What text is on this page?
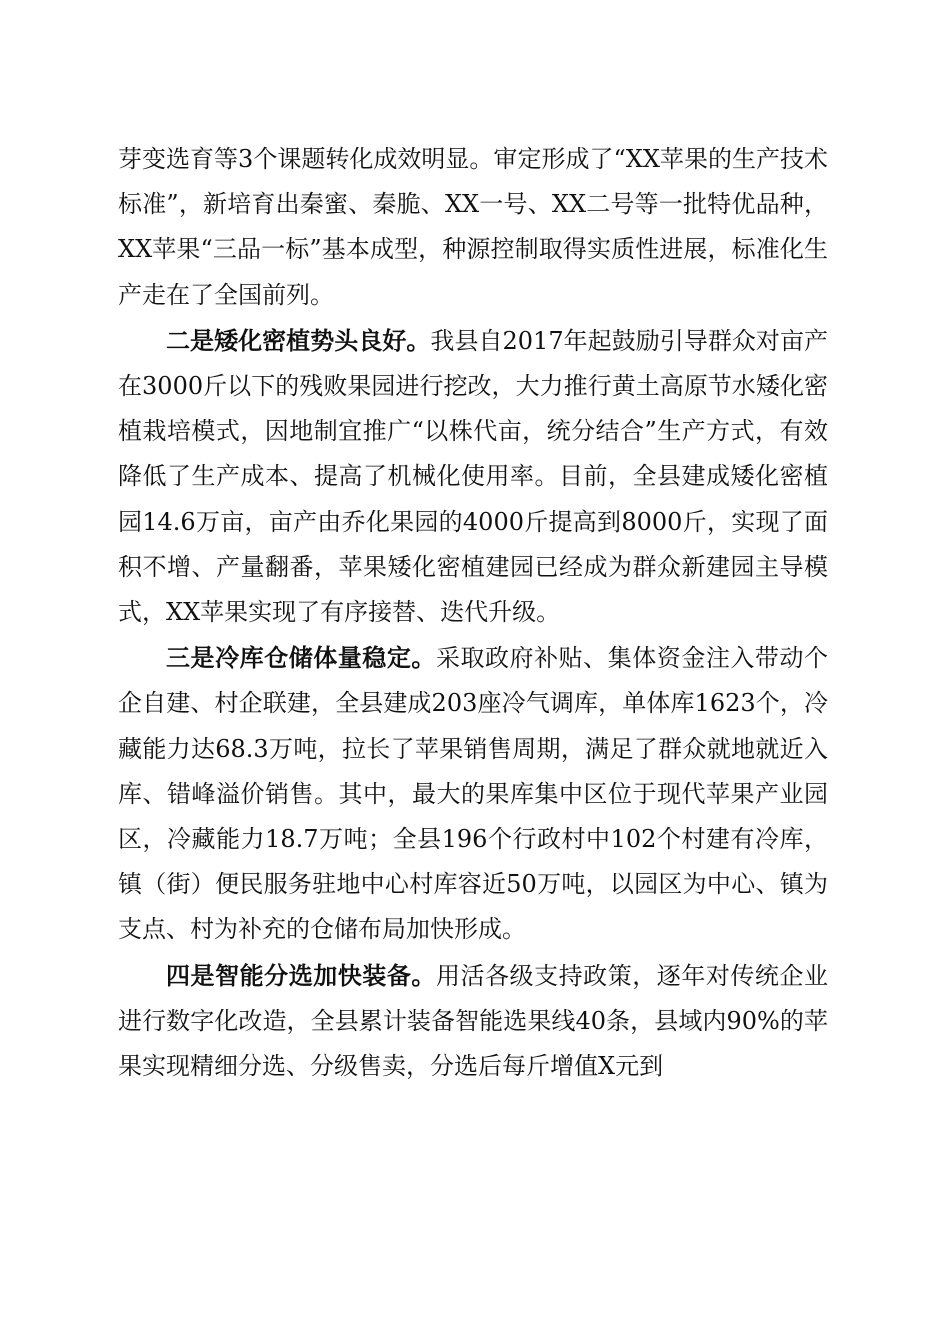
芽变选育等3个课题转化成效明显。审定形成了“XX苹果的生产技术标准”，新培育出秦蜜、秦脆、XX一号、XX二号等一批特优品种，XX苹果“三品一标”基本成型，种源控制取得实质性进展，标准化生产走在了全国前列。

二是矮化密植势头良好。我县自2017年起鼓励引导群众对亩产在3000斤以下的残败果园进行挖改，大力推行黄土高原节水矮化密植栽培模式，因地制宜推广“以株代亩，统分结合”生产方式，有效降低了生产成本、提高了机械化使用率。目前，全县建成矮化密植园14.6万亩，亩产由乔化果园的4000斤提高到8000斤，实现了面积不增、产量翻番，苹果矮化密植建园已经成为群众新建园主导模式，XX苹果实现了有序接替、迭代升级。

三是冷库仓储体量稳定。采取政府补贴、集体资金注入带动个企自建、村企联建，全县建成203座冷气调库，单体库1623个，冷藏能力达68.3万吨，拉长了苹果销售周期，满足了群众就地就近入库、错峰溢价销售。其中，最大的果库集中区位于现代苹果产业园区，冷藏能力18.7万吨；全县196个行政村中102个村建有冷库，镇（街）便民服务驻地中心村库容近50万吨，以园区为中心、镇为支点、村为补充的仓储布局加快形成。

四是智能分选加快装备。用活各级支持政策，逐年对传统企业进行数字化改造，全县累计装备智能选果线40条，县域内90%的苹果实现精细分选、分级售卖，分选后每斤增值X元到
